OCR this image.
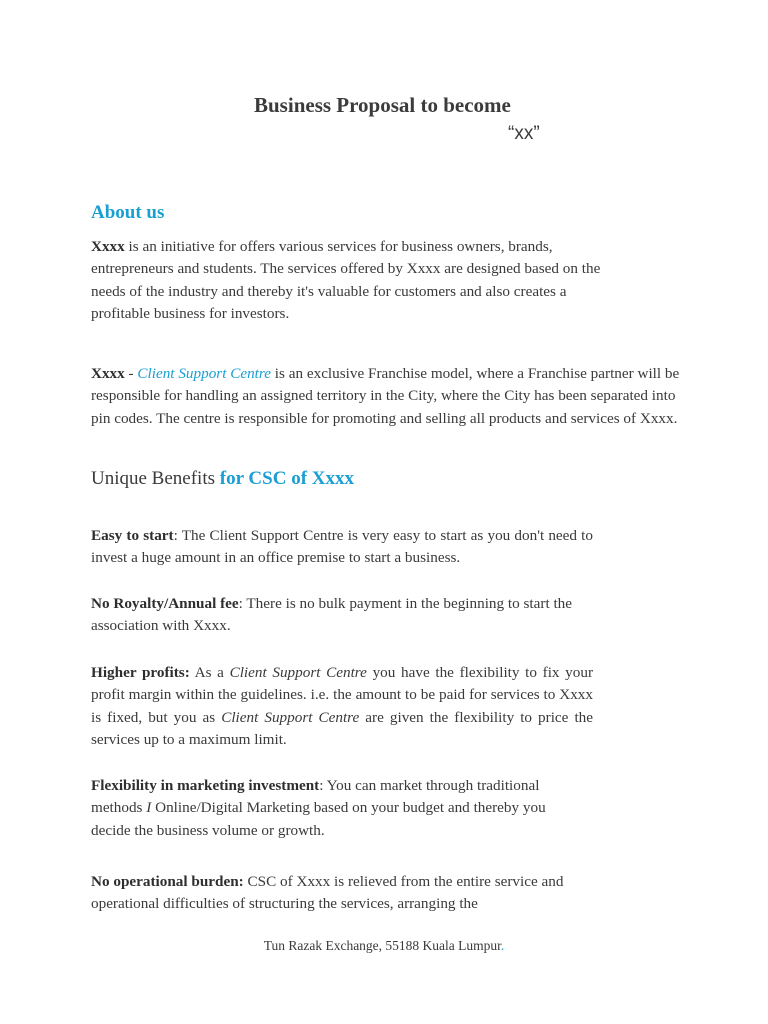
Business Proposal to become
“xx”
About us

Xxxx is an initiative for offers various services for business owners, brands, entrepreneurs and students. The services offered by Xxxx are designed based on the needs of the industry and thereby it's valuable for customers and also creates a profitable business for investors.

Xxxx - Client Support Centre is an exclusive Franchise model, where a Franchise partner will be responsible for handling an assigned territory in the City, where the City has been separated into pin codes. The centre is responsible for promoting and selling all products and services of Xxxx.

Unique Benefits for CSC of Xxxx

Easy to start: The Client Support Centre is very easy to start as you don't need to invest a huge amount in an office premise to start a business.

No Royalty/Annual fee: There is no bulk payment in the beginning to start the association with Xxxx.

Higher profits: As a Client Support Centre you have the flexibility to fix your profit margin within the guidelines. i.e. the amount to be paid for services to Xxxx is fixed, but you as Client Support Centre are given the flexibility to price the services up to a maximum limit.

Flexibility in marketing investment: You can market through traditional methods I Online/Digital Marketing based on your budget and thereby you decide the business volume or growth.

No operational burden: CSC of Xxxx is relieved from the entire service and operational difficulties of structuring the services, arranging the

Tun Razak Exchange, 55188 Kuala Lumpur.
